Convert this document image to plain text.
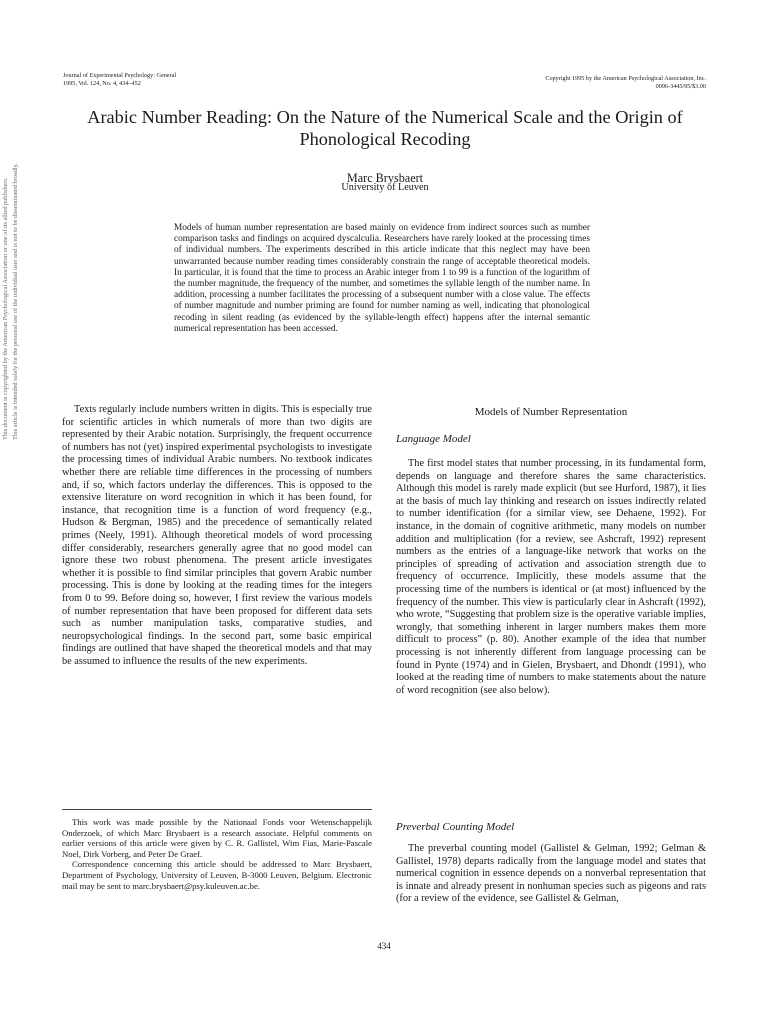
Journal of Experimental Psychology: General
1995, Vol. 124, No. 4, 434–452
Copyright 1995 by the American Psychological Association, Inc.
0096-3445/95/$3.00
Arabic Number Reading: On the Nature of the Numerical Scale and the Origin of Phonological Recoding
Marc Brysbaert
University of Leuven
Models of human number representation are based mainly on evidence from indirect sources such as number comparison tasks and findings on acquired dyscalculia. Researchers have rarely looked at the processing times of individual numbers. The experiments described in this article indicate that this neglect may have been unwarranted because number reading times considerably constrain the range of acceptable theoretical models. In particular, it is found that the time to process an Arabic integer from 1 to 99 is a function of the logarithm of the number magnitude, the frequency of the number, and sometimes the syllable length of the number name. In addition, processing a number facilitates the processing of a subsequent number with a close value. The effects of number magnitude and number priming are found for number naming as well, indicating that phonological recoding in silent reading (as evidenced by the syllable-length effect) happens after the internal semantic numerical representation has been accessed.

Texts regularly include numbers written in digits. This is especially true for scientific articles in which numerals of more than two digits are represented by their Arabic notation. Surprisingly, the frequent occurrence of numbers has not (yet) inspired experimental psychologists to investigate the processing times of individual Arabic numbers. No textbook indicates whether there are reliable time differences in the processing of numbers and, if so, which factors underlay the differences. This is opposed to the extensive literature on word recognition in which it has been found, for instance, that recognition time is a function of word frequency (e.g., Hudson & Bergman, 1985) and the precedence of semantically related primes (Neely, 1991). Although theoretical models of word processing differ considerably, researchers generally agree that no good model can ignore these two robust phenomena. The present article investigates whether it is possible to find similar principles that govern Arabic number processing. This is done by looking at the reading times for the integers from 0 to 99. Before doing so, however, I first review the various models of number representation that have been proposed for different data sets such as number manipulation tasks, comparative studies, and neuropsychological findings. In the second part, some basic empirical findings are outlined that have shaped the theoretical models and that may be assumed to influence the results of the new experiments.

This work was made possible by the Nationaal Fonds voor Wetenschappelijk Onderzoek, of which Marc Brysbaert is a research associate. Helpful comments on earlier versions of this article were given by C. R. Gallistel, Wim Fias, Marie-Pascale Noel, Dirk Vorberg, and Peter De Graef.

Correspondence concerning this article should be addressed to Marc Brysbaert, Department of Psychology, University of Leuven, B-3000 Leuven, Belgium. Electronic mail may be sent to marc.brysbaert@psy.kuleuven.ac.be.

Models of Number Representation
Language Model

The first model states that number processing, in its fundamental form, depends on language and therefore shares the same characteristics. Although this model is rarely made explicit (but see Hurford, 1987), it lies at the basis of much lay thinking and research on issues indirectly related to number identification (for a similar view, see Dehaene, 1992). For instance, in the domain of cognitive arithmetic, many models on number addition and multiplication (for a review, see Ashcraft, 1992) represent numbers as the entries of a language-like network that works on the principles of spreading of activation and association strength due to frequency of occurrence. Implicitly, these models assume that the processing time of the numbers is identical or (at most) influenced by the frequency of the number. This view is particularly clear in Ashcraft (1992), who wrote, “Suggesting that problem size is the operative variable implies, wrongly, that something inherent in larger numbers makes them more difficult to process” (p. 80). Another example of the idea that number processing is not inherently different from language processing can be found in Pynte (1974) and in Gielen, Brysbaert, and Dhondt (1991), who looked at the reading time of numbers to make statements about the nature of word recognition (see also below).

Preverbal Counting Model

The preverbal counting model (Gallistel & Gelman, 1992; Gelman & Gallistel, 1978) departs radically from the language model and states that numerical cognition in essence depends on a nonverbal representation that is innate and already present in nonhuman species such as pigeons and rats (for a review of the evidence, see Gallistel & Gelman,

434
This document is copyrighted by the American Psychological Association or one of its allied publishers. This article is intended solely for the personal use of the individual user and is not to be disseminated broadly.
